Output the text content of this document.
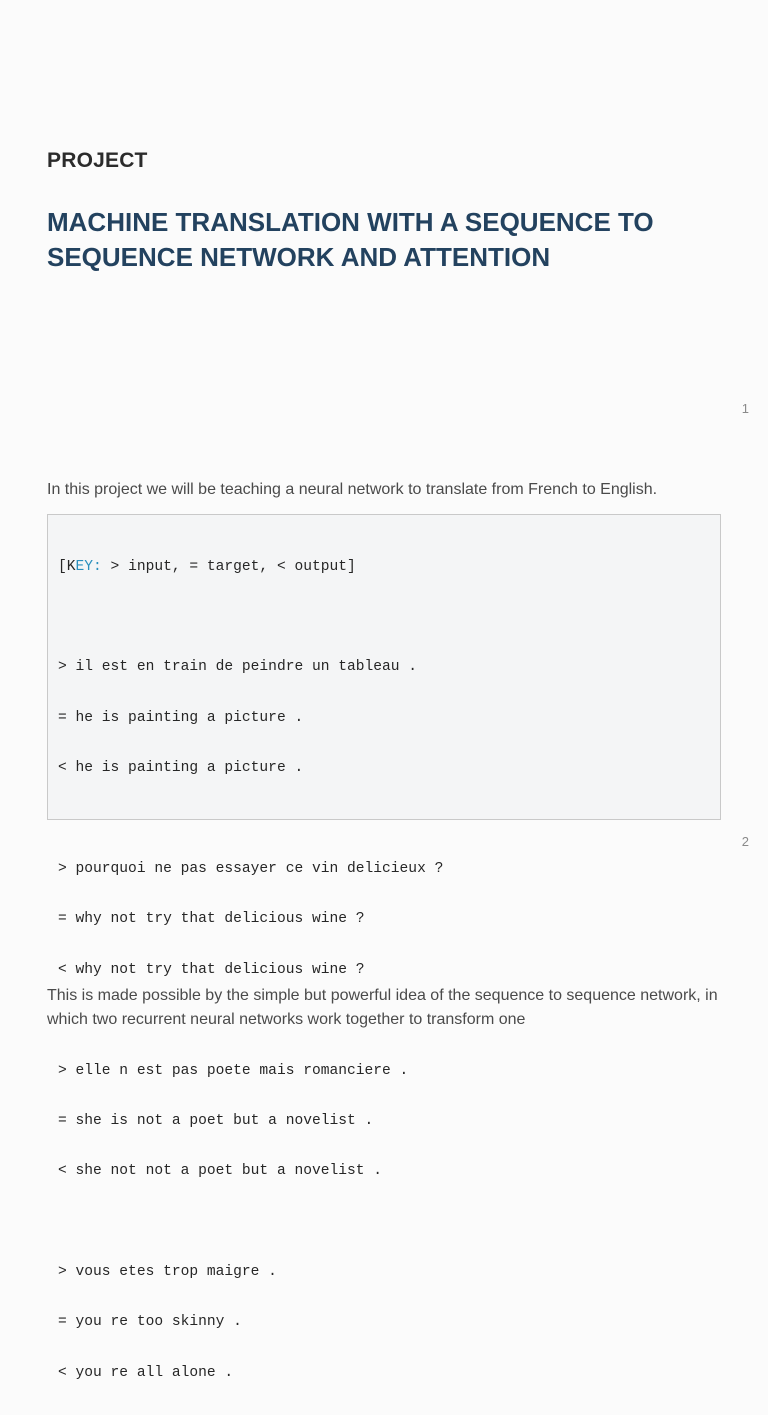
PROJECT
MACHINE TRANSLATION WITH A SEQUENCE TO SEQUENCE NETWORK AND ATTENTION
1

In this project we will be teaching a neural network to translate from French to English.

[KEY: > input, = target, < output]

> il est en train de peindre un tableau .

= he is painting a picture .

< he is painting a picture .

> pourquoi ne pas essayer ce vin delicieux ?

= why not try that delicious wine ?

< why not try that delicious wine ?

> elle n est pas poete mais romanciere .

= she is not a poet but a novelist .

< she not not a poet but a novelist .

> vous etes trop maigre .

= you re too skinny .

< you re all alone .

2

This is made possible by the simple but powerful idea of the sequence to sequence network, in which two recurrent neural networks work together to transform one
